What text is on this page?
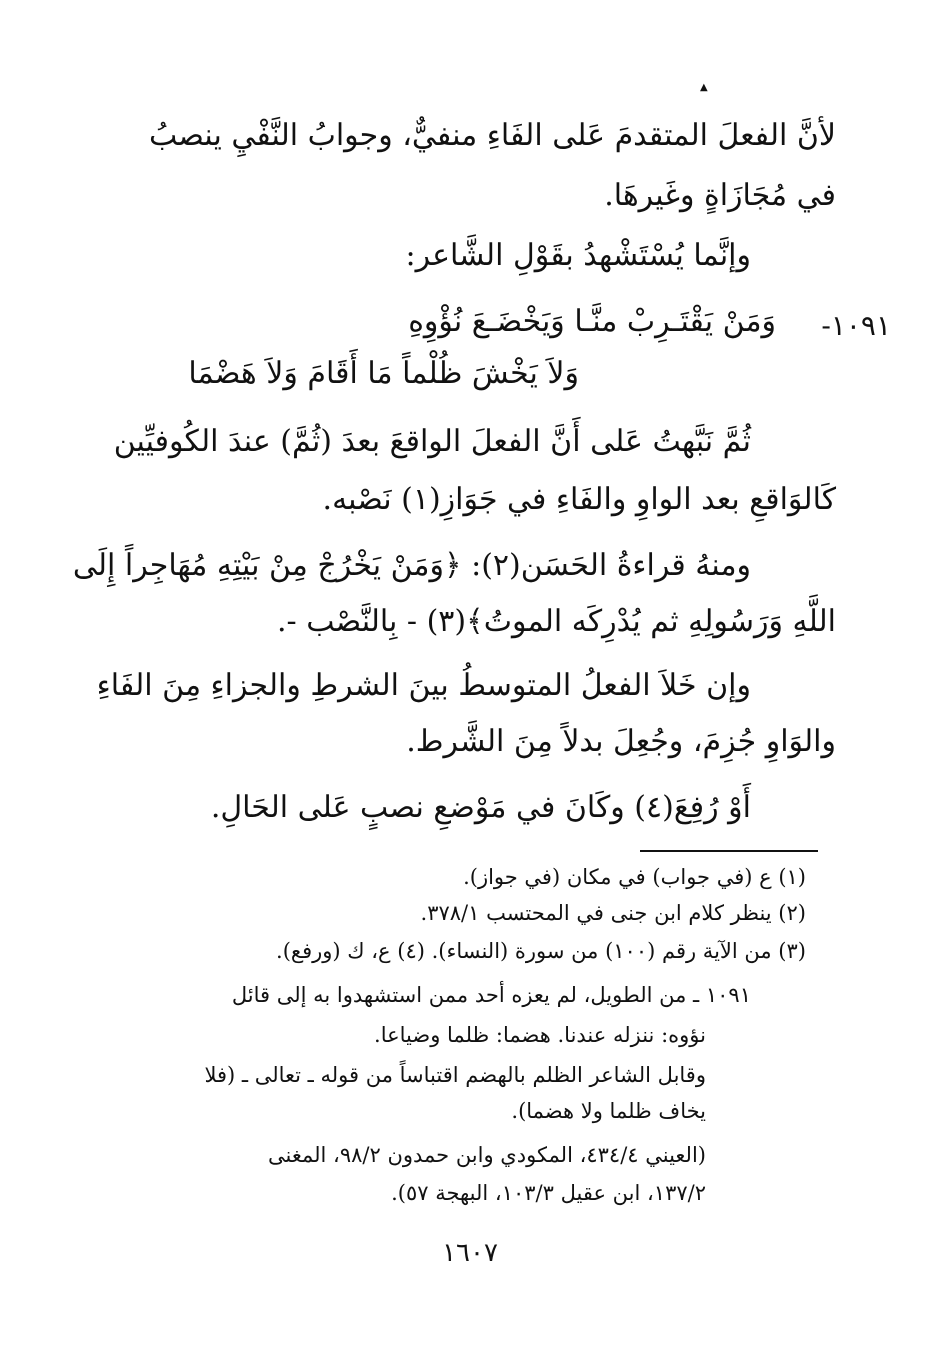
▲
لأنَّ الفعلَ المتقدمَ عَلى الفَاءِ منفيٌّ، وجوابُ النَّفْيِ ينصبُ
في مُجَازَاةٍ وغَيرهَا.
وإنَّما يُسْتَشْهدُ بقَوْلِ الشَّاعر:
١٠٩١-
وَمَنْ يَقْتَـرِبْ منَّـا وَيَخْضَـعَ نُؤْوِهِ
وَلاَ يَخْشَ ظُلْماً مَا أَقَامَ وَلاَ هَضْمَا
ثُمَّ نَبَّهتُ عَلى أَنَّ الفعلَ الواقعَ بعدَ (ثُمَّ) عندَ الكُوفيِّين
كَالوَاقعِ بعد الواوِ والفَاءِ في جَوَازِ(١) نَصْبه.
ومنهُ قراءةُ الحَسَن(٢): ﴿وَمَنْ يَخْرُجْ مِنْ بَيْتِهِ مُهَاجِراً إِلَى
اللَّهِ وَرَسُولِهِ ثم يُدْرِكَه الموتُ﴾(٣) - بِالنَّصْب -.
وإن خَلاَ الفعلُ المتوسطُ بينَ الشرطِ والجزاءِ مِنَ الفَاءِ
والوَاوِ جُزِمَ، وجُعِلَ بدلاً مِنَ الشَّرط.
أَوْ رُفِعَ(٤) وكَانَ في مَوْضعِ نصبٍ عَلى الحَالِ.
(١) ع (في جواب) في مكان (في جواز).
(٢) ينظر كلام ابن جنى في المحتسب ٣٧٨/١.
(٣) من الآية رقم (١٠٠) من سورة (النساء). (٤) ع، ك (ورفع).
١٠٩١ ـ من الطويل، لم يعزه أحد ممن استشهدوا به إلى قائل
نؤوه: ننزله عندنا. هضما: ظلما وضياعا.
وقابل الشاعر الظلم بالهضم اقتباساً من قوله ـ تعالى ـ (فلا
يخاف ظلما ولا هضما).
(العيني ٤٣٤/٤، المكودي وابن حمدون ٩٨/٢، المغنى
١٣٧/٢، ابن عقيل ١٠٣/٣، البهجة ٥٧).
١٦٠٧
